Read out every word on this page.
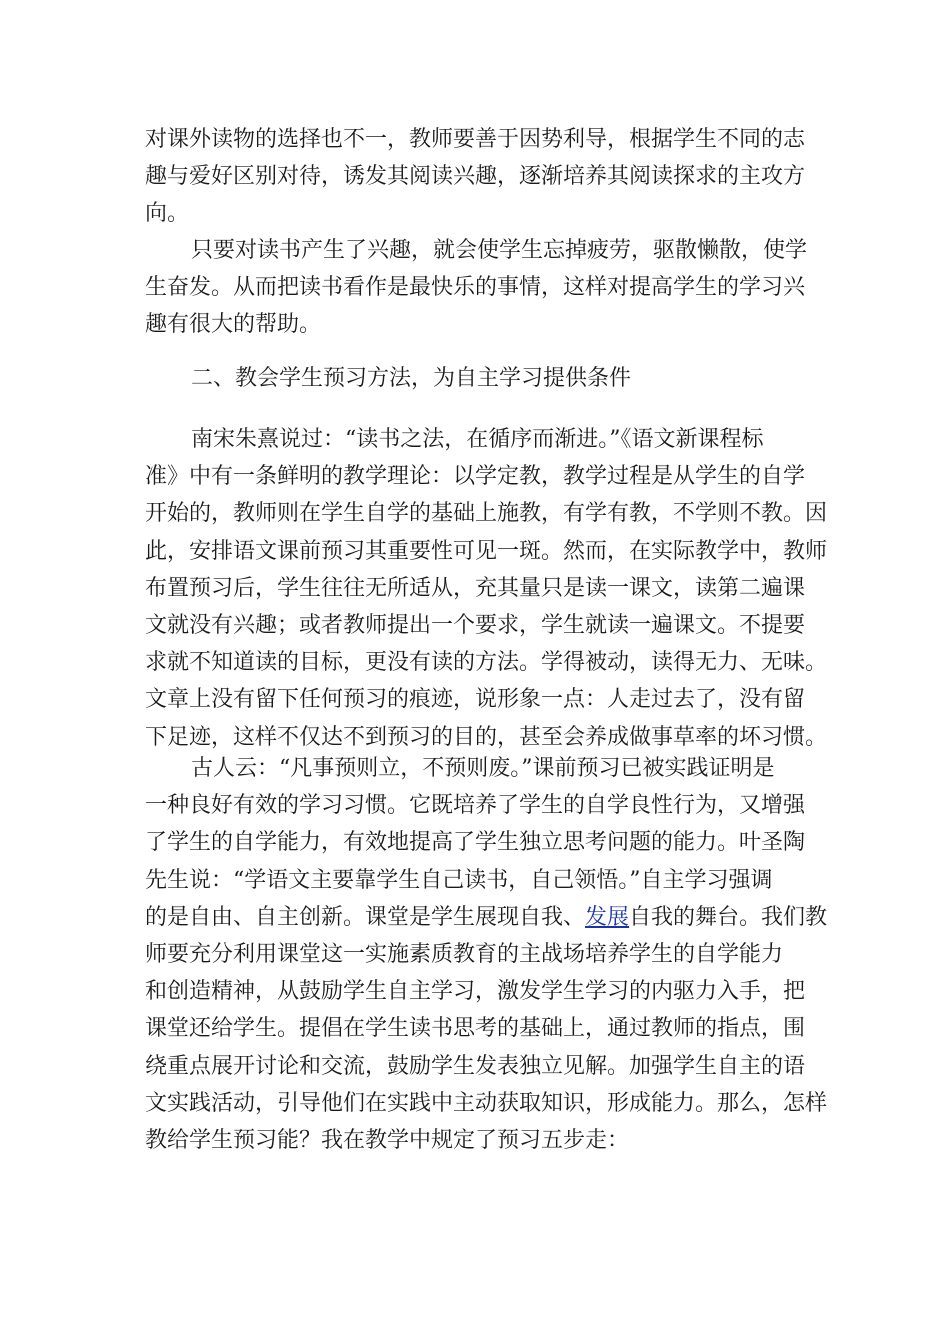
对课外读物的选择也不一，教师要善于因势利导，根据学生不同的志
趣与爱好区别对待，诱发其阅读兴趣，逐渐培养其阅读探求的主攻方
向。
只要对读书产生了兴趣，就会使学生忘掉疲劳，驱散懒散，使学
生奋发。从而把读书看作是最快乐的事情，这样对提高学生的学习兴
趣有很大的帮助。
二、教会学生预习方法，为自主学习提供条件
南宋朱熹说过：“读书之法，在循序而渐进。”《语文新课程标
准》中有一条鲜明的教学理论：以学定教，教学过程是从学生的自学
开始的，教师则在学生自学的基础上施教，有学有教，不学则不教。因
此，安排语文课前预习其重要性可见一斑。然而，在实际教学中，教师
布置预习后，学生往往无所适从，充其量只是读一课文，读第二遍课
文就没有兴趣；或者教师提出一个要求，学生就读一遍课文。不提要
求就不知道读的目标，更没有读的方法。学得被动，读得无力、无味。
文章上没有留下任何预习的痕迹，说形象一点：人走过去了，没有留
下足迹，这样不仅达不到预习的目的，甚至会养成做事草率的坏习惯。
古人云：“凡事预则立，不预则废。”课前预习已被实践证明是
一种良好有效的学习习惯。它既培养了学生的自学良性行为，又增强
了学生的自学能力，有效地提高了学生独立思考问题的能力。叶圣陶
先生说：“学语文主要靠学生自己读书，自己领悟。”自主学习强调
的是自由、自主创新。课堂是学生展现自我、发展自我的舞台。我们教
师要充分利用课堂这一实施素质教育的主战场培养学生的自学能力
和创造精神，从鼓励学生自主学习，激发学生学习的内驱力入手，把
课堂还给学生。提倡在学生读书思考的基础上，通过教师的指点，围
绕重点展开讨论和交流，鼓励学生发表独立见解。加强学生自主的语
文实践活动，引导他们在实践中主动获取知识，形成能力。那么，怎样
教给学生预习能？我在教学中规定了预习五步走：
